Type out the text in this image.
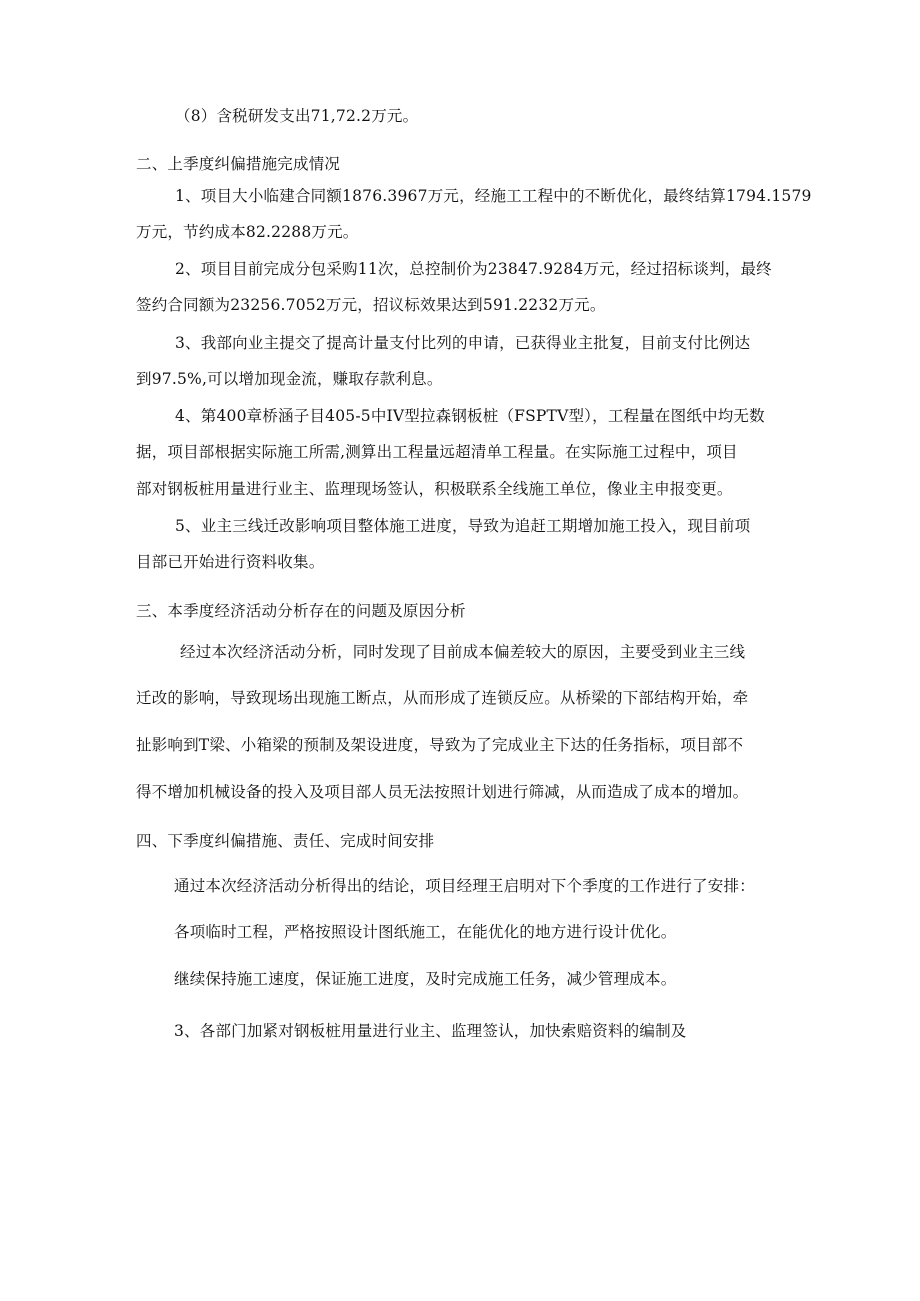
（8）含税研发支出71,72.2万元。
二、上季度纠偏措施完成情况
1、项目大小临建合同额1876.3967万元，经施工工程中的不断优化，最终结算1794.1579
万元，节约成本82.2288万元。
2、项目目前完成分包采购11次，总控制价为23847.9284万元，经过招标谈判，最终
签约合同额为23256.7052万元，招议标效果达到591.2232万元。
3、我部向业主提交了提高计量支付比列的申请，已获得业主批复，目前支付比例达
到97.5%,可以增加现金流，赚取存款利息。
4、第400章桥涵子目405-5中IV型拉森钢板桩（FSPTV型），工程量在图纸中均无数
据，项目部根据实际施工所需,测算出工程量远超清单工程量。在实际施工过程中，项目
部对钢板桩用量进行业主、监理现场签认，积极联系全线施工单位，像业主申报变更。
5、业主三线迁改影响项目整体施工进度，导致为追赶工期增加施工投入，现目前项
目部已开始进行资料收集。
三、本季度经济活动分析存在的问题及原因分析
经过本次经济活动分析，同时发现了目前成本偏差较大的原因，主要受到业主三线
迁改的影响，导致现场出现施工断点，从而形成了连锁反应。从桥梁的下部结构开始，牵
扯影响到T梁、小箱梁的预制及架设进度，导致为了完成业主下达的任务指标，项目部不
得不增加机械设备的投入及项目部人员无法按照计划进行筛减，从而造成了成本的增加。
四、下季度纠偏措施、责任、完成时间安排
通过本次经济活动分析得出的结论，项目经理王启明对下个季度的工作进行了安排：
各项临时工程，严格按照设计图纸施工，在能优化的地方进行设计优化。
继续保持施工速度，保证施工进度，及时完成施工任务，减少管理成本。
3、各部门加紧对钢板桩用量进行业主、监理签认，加快索赔资料的编制及
